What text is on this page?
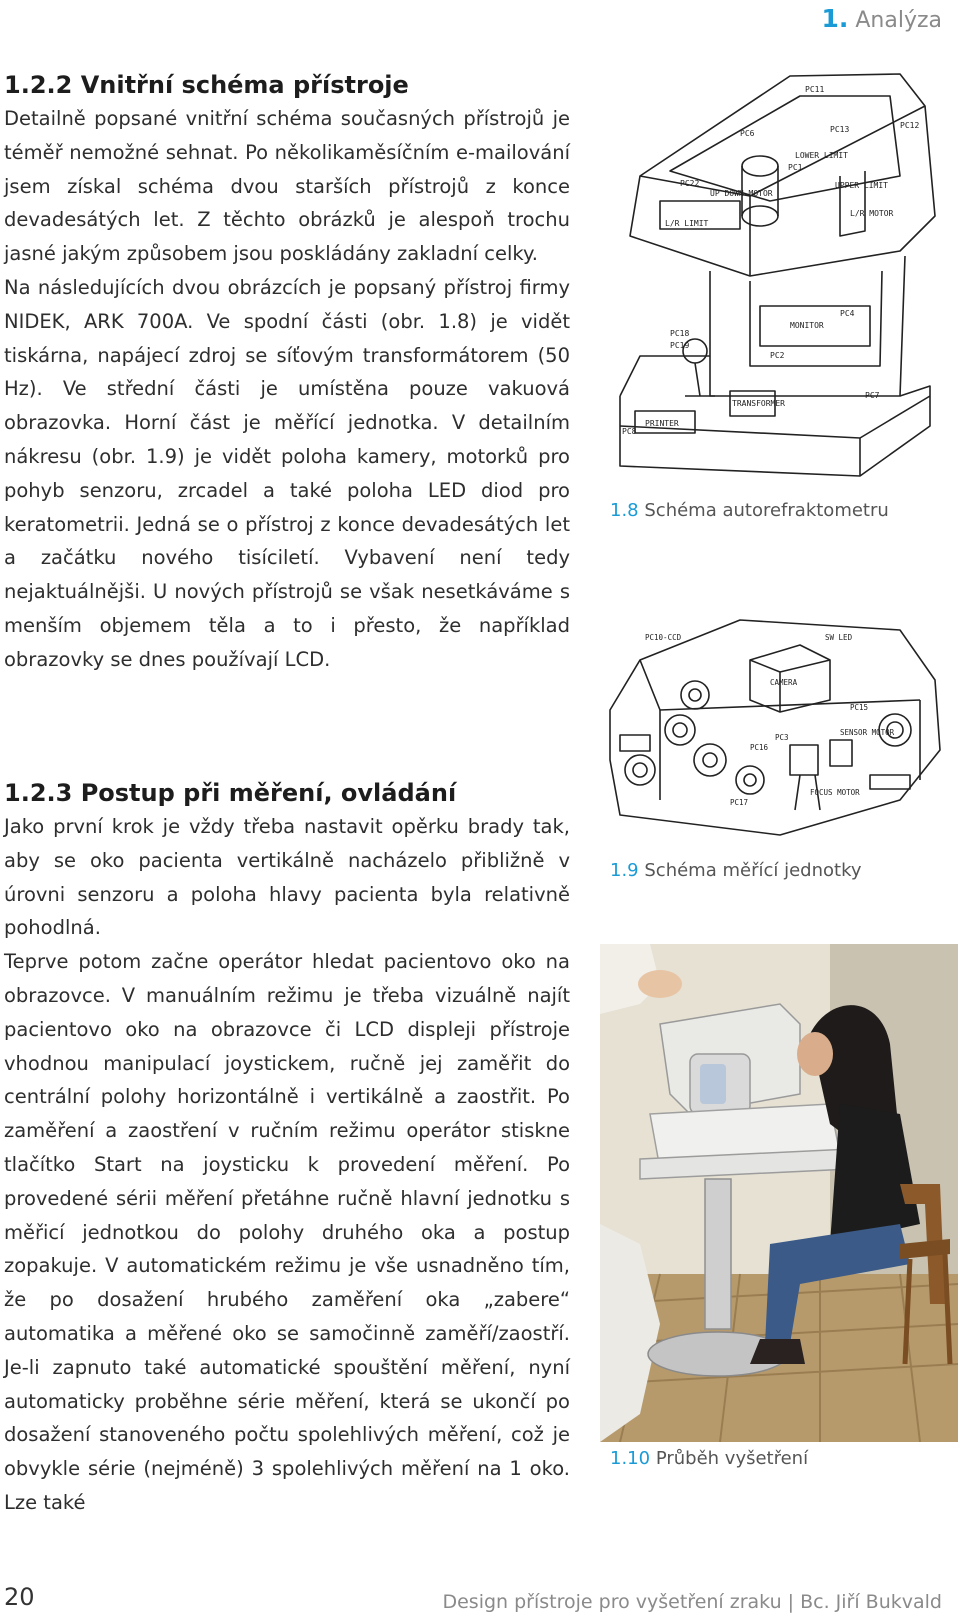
1. Analýza
1.2.2 Vnitřní schéma přístroje

Detailně popsané vnitřní schéma současných přístrojů je téměř nemožné sehnat. Po několikaměsíčním e-mailování jsem získal schéma dvou starších přístrojů z konce devadesátých let. Z těchto obrázků je alespoň trochu jasné jakým způsobem jsou poskládány zakladní celky.

Na následujících dvou obrázcích je popsaný přístroj firmy NIDEK, ARK 700A. Ve spodní části (obr. 1.8) je vidět tiskárna, napájecí zdroj se síťovým transformátorem (50 Hz). Ve střední části je umístěna pouze vakuová obrazovka. Horní část je měřící jednotka. V detailním nákresu (obr. 1.9) je vidět poloha kamery, motorků pro pohyb senzoru, zrcadel a také poloha LED diod pro keratometrii. Jedná se o přístroj z konce devadesátých let a začátku nového tisíciletí. Vybavení není tedy nejaktuálnějši. U nových přístrojů se však nesetkáváme s menším objemem těla a to i přesto, že například obrazovky se dnes používají LCD.

1.2.3 Postup při měření, ovládání

Jako první krok je vždy třeba nastavit opěrku brady tak, aby se oko pacienta vertikálně nacházelo přibližně v úrovni senzoru a poloha hlavy pacienta byla relativně pohodlná.

Teprve potom začne operátor hledat pacientovo oko na obrazovce. V manuálním režimu je třeba vizuálně najít pacientovo oko na obrazovce či LCD displeji přístroje vhodnou manipulací joystickem, ručně jej zaměřit do centrální polohy horizontálně i vertikálně a zaostřit. Po zaměření a zaostření v ručním režimu operátor stiskne tlačítko Start na joysticku k provedení měření. Po provedené sérii měření přetáhne ručně hlavní jednotku s měřicí jednotkou do polohy druhého oka a postup zopakuje. V automatickém režimu je vše usnadněno tím, že po dosažení hrubého zaměření oka „zabere“ automatika a měřené oko se samočinně zaměří/zaostří. Je-li zapnuto také automatické spouštění měření, nyní automaticky proběhne série měření, která se ukončí po dosažení stanoveného počtu spolehlivých měření, což je obvykle série (nejméně) 3 spolehlivých měření na 1 oko. Lze také

PC11
PC12
PC6	PC13
PC1
LOWER LIMIT
UPPER LIMIT
PC22
UP DOWN MOTOR
L/R LIMIT
L/R MOTOR
MONITOR
PC18
PC19
PC2
PC4
TRANSFORMER
PC7
PC8
PRINTER
1.8 Schéma autorefraktometru
PC10-CCD	SW LED
CAMERA
PC15
PC16
PC3
SENSOR MOTOR
PC17
FOCUS MOTOR
1.9 Schéma měřící jednotky
1.10 Průběh vyšetření
20	Design přístroje pro vyšetření zraku | Bc. Jiří Bukvald
